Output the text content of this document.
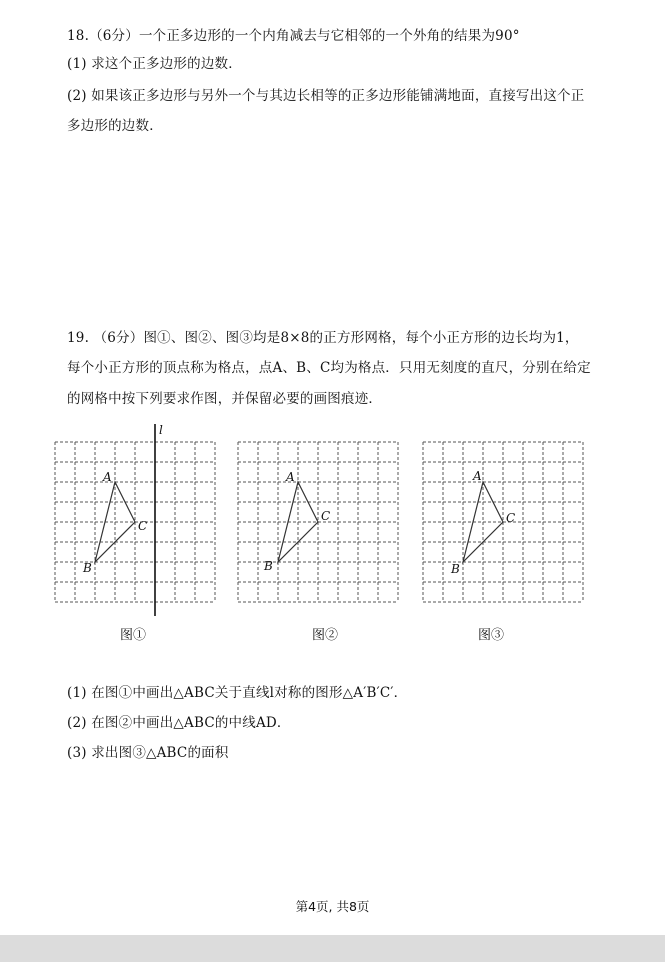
18.（6分）一个正多边形的一个内角减去与它相邻的一个外角的结果为90°
(1) 求这个正多边形的边数．
(2) 如果该正多边形与另外一个与其边长相等的正多边形能铺满地面，直接写出这个正
多边形的边数．
19. （6分）图①、图②、图③均是8×8的正方形网格，每个小正方形的边长均为1，
每个小正方形的顶点称为格点，点A、B、C均为格点．只用无刻度的直尺，分别在给定
的网格中按下列要求作图，并保留必要的画图痕迹．
l
A
C
B
A
C
B
A
C
B
图①	图②	图③
(1) 在图①中画出△ABC关于直线l对称的图形△A′B′C′．
(2) 在图②中画出△ABC的中线AD．
(3) 求出图③△ABC的面积
第4页, 共8页
